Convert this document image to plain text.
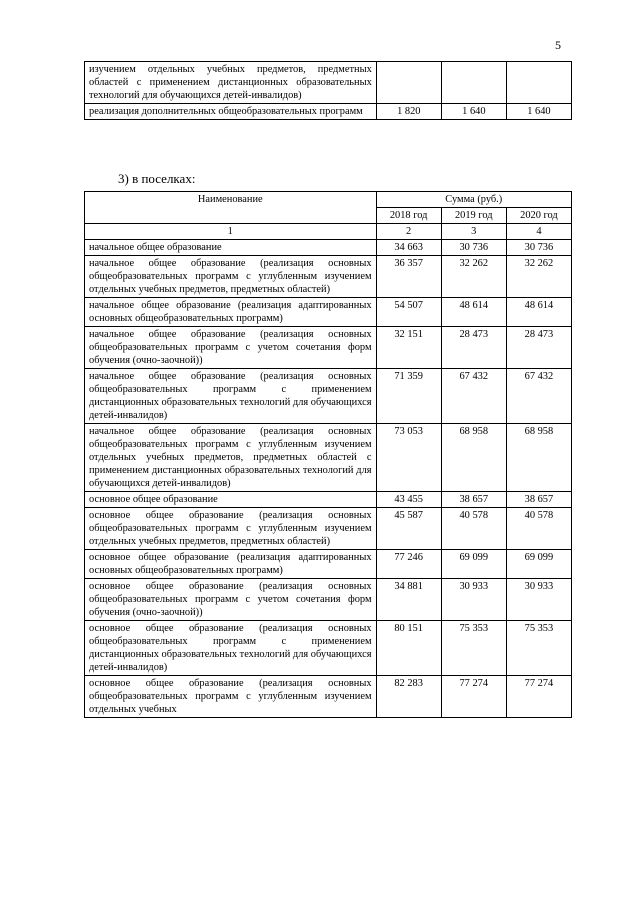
5
изучением отдельных учебных предметов, предметных областей с применением дистанционных образовательных технологий для обучающихся детей-инвалидов)			
реализация дополнительных общеобразовательных программ	1 820	1 640	1 640
3) в поселках:
Наименование	Сумма (руб.)		
	2018 год	2019 год	2020 год
1	2	3	4
начальное общее образование	34 663	30 736	30 736
начальное общее образование (реализация основных общеобразовательных программ с углубленным изучением отдельных учебных предметов, предметных областей)	36 357	32 262	32 262
начальное общее образование (реализация адаптированных основных общеобразовательных программ)	54 507	48 614	48 614
начальное общее образование (реализация основных общеобразовательных программ с учетом сочетания форм обучения (очно-заочной))	32 151	28 473	28 473
начальное общее образование (реализация основных общеобразовательных программ с применением дистанционных образовательных технологий для обучающихся детей-инвалидов)	71 359	67 432	67 432
начальное общее образование (реализация основных общеобразовательных программ с углубленным изучением отдельных учебных предметов, предметных областей с применением дистанционных образовательных технологий для обучающихся детей-инвалидов)	73 053	68 958	68 958
основное общее образование	43 455	38 657	38 657
основное общее образование (реализация основных общеобразовательных программ с углубленным изучением отдельных учебных предметов, предметных областей)	45 587	40 578	40 578
основное общее образование (реализация адаптированных основных общеобразовательных программ)	77 246	69 099	69 099
основное общее образование (реализация основных общеобразовательных программ с учетом сочетания форм обучения (очно-заочной))	34 881	30 933	30 933
основное общее образование (реализация основных общеобразовательных программ с применением дистанционных образовательных технологий для обучающихся детей-инвалидов)	80 151	75 353	75 353
основное общее образование (реализация основных общеобразовательных программ с углубленным изучением отдельных учебных	82 283	77 274	77 274
